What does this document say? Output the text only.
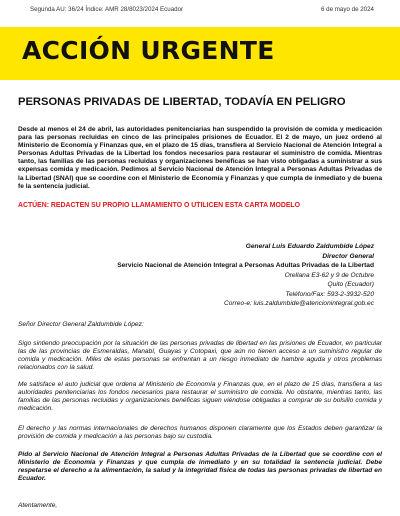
Segunda AU: 36/24 Índice: AMR 28/8023/2024 Ecuador	6 de mayo de 2024
ACCIÓN URGENTE
PERSONAS PRIVADAS DE LIBERTAD, TODAVÍA EN PELIGRO

Desde al menos el 24 de abril, las autoridades penitenciarias han suspendido la provisión de comida y medicación para las personas recluidas en cinco de las principales prisiones de Ecuador. El 2 de mayo, un juez ordenó al Ministerio de Economía y Finanzas que, en el plazo de 15 días, transfiera al Servicio Nacional de Atención Integral a Personas Adultas Privadas de la Libertad los fondos necesarios para restaurar el suministro de comida. Mientras tanto, las familias de las personas recluidas y organizaciones benéficas se han visto obligadas a suministrar a sus expensas comida y medicación. Pedimos al Servicio Nacional de Atención Integral a Personas Adultas Privadas de la Libertad (SNAI) que se coordine con el Ministerio de Economía y Finanzas y que cumpla de inmediato y de buena fe la sentencia judicial.

ACTÚEN: REDACTEN SU PROPIO LLAMAMIENTO O UTILICEN ESTA CARTA MODELO

General Luis Eduardo Zaldumbide López
Director General
Servicio Nacional de Atención Integral a Personas Adultas Privadas de la Libertad
Orellana E3-62 y 9 de Octubre
Quito (Ecuador)
Teléfono/Fax: 593-2-3932-520
Correo-e: luis.zaldumbide@atencionintegral.gob.ec

Señor Director General Zaldumbide López:

Sigo sintiendo preocupación por la situación de las personas privadas de libertad en las prisiones de Ecuador, en particular las de las provincias de Esmeraldas, Manabí, Guayas y Cotopaxi, que aún no tienen acceso a un suministro regular de comida y medicación. Miles de estas personas se enfrentan a un riesgo inmediato de hambre aguda y otros problemas relacionados con la salud.

Me satisface el auto judicial que ordena al Ministerio de Economía y Finanzas que, en el plazo de 15 días, transfiera a las autoridades penitenciarias los fondos necesarios para restaurar el suministro de comida. No obstante, mientras tanto, las familias de las personas recluidas y organizaciones benéficas siguen viéndose obligadas a comprar de su bolsillo comida y medicación.

El derecho y las normas internacionales de derechos humanos disponen claramente que los Estados deben garantizar la provisión de comida y medicación a las personas bajo su custodia.

Pido al Servicio Nacional de Atención Integral a Personas Adultas Privadas de la Libertad que se coordine con el Ministerio de Economía y Finanzas y que cumpla de inmediato y en su totalidad la sentencia judicial. Debe respetarse el derecho a la alimentación, la salud y la integridad física de todas las personas privadas de libertad en Ecuador.

Atentamente,
